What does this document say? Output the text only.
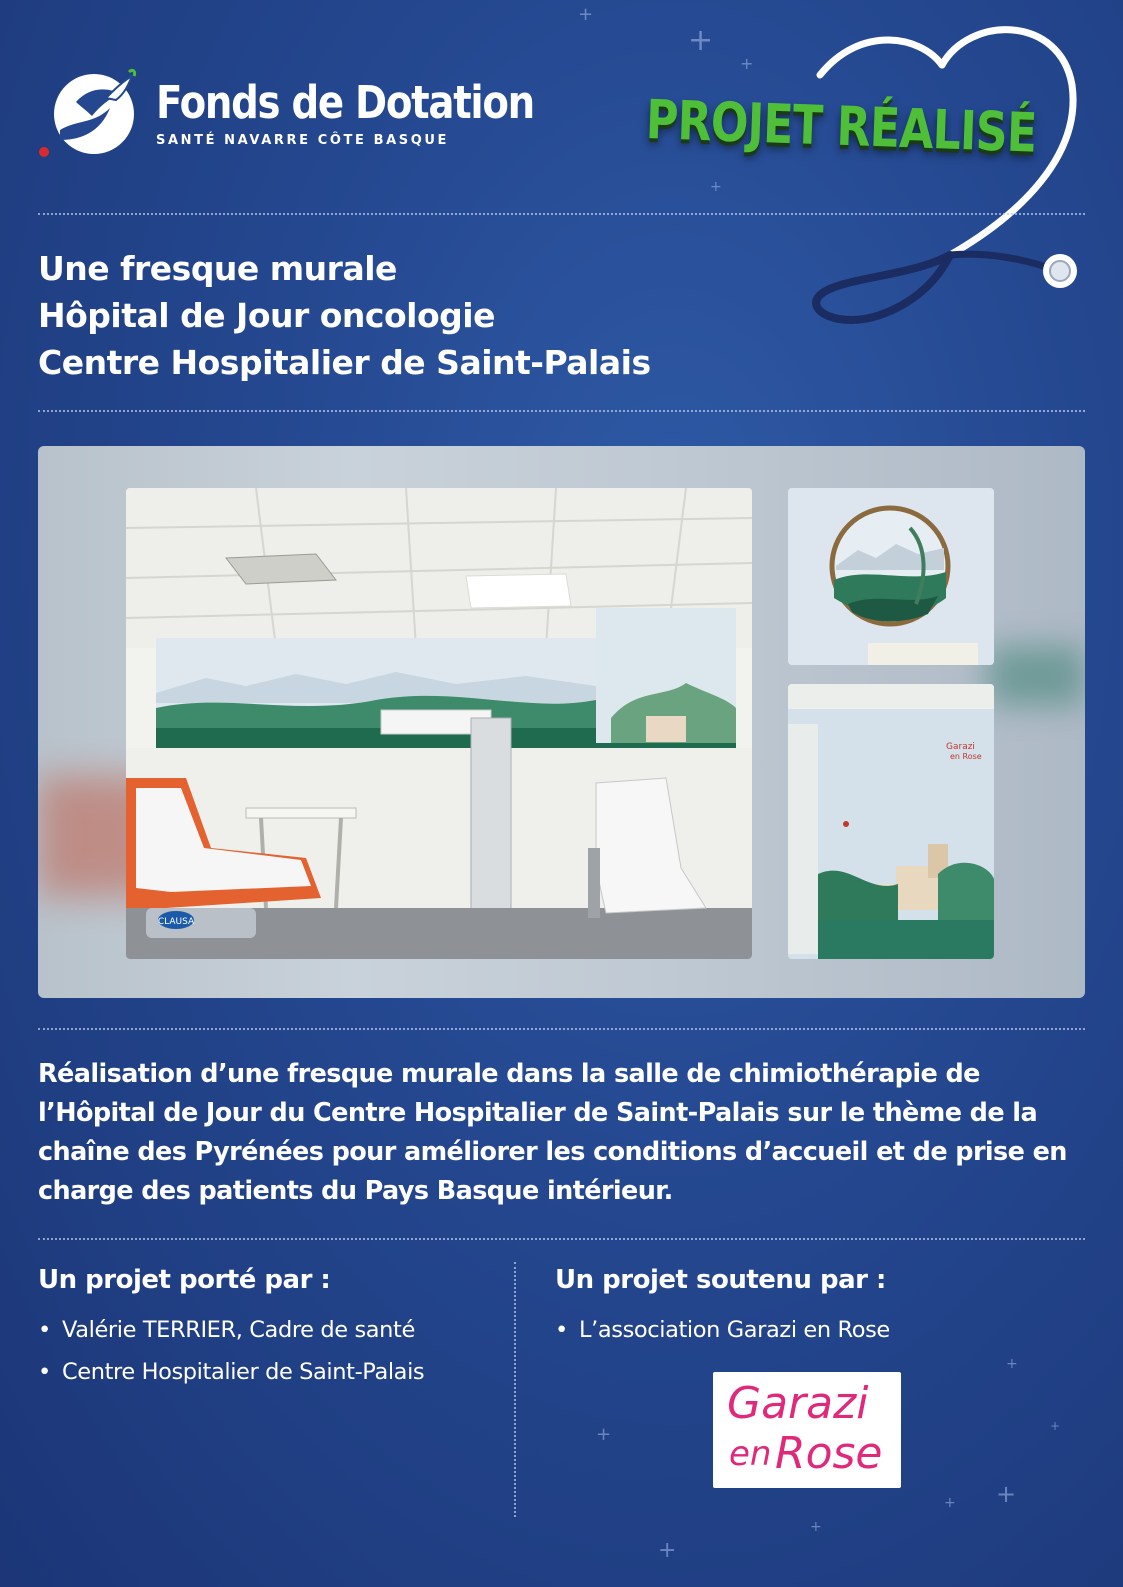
+
+
+
+
+
+
+
+
+
+
+
Fonds de Dotation
SANTÉ NAVARRE CÔTE BASQUE	PROJET RÉALISÉ
Une fresque murale
Hôpital de Jour oncologie
Centre Hospitalier de Saint-Palais
CLAUSA
Garazi
en Rose
Réalisation d’une fresque murale dans la salle de chimiothérapie de l’Hôpital de Jour du Centre Hospitalier de Saint-Palais sur le thème de la chaîne des Pyrénées pour améliorer les conditions d’accueil et de prise en charge des patients du Pays Basque intérieur.
Un projet porté par :
• Valérie TERRIER, Cadre de santé
• Centre Hospitalier de Saint-Palais
Un projet soutenu par :
• L’association Garazi en Rose
Garazi
en Rose
